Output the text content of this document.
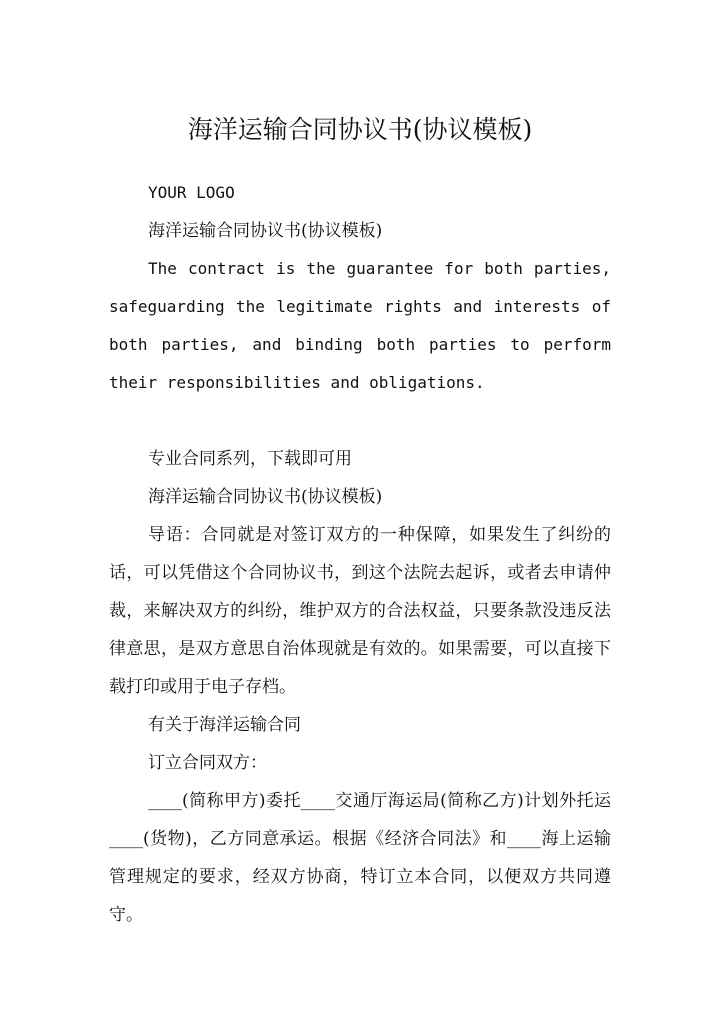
海洋运输合同协议书(协议模板)

YOUR LOGO

海洋运输合同协议书(协议模板)

The contract is the guarantee for both parties, safeguarding the legitimate rights and interests of both parties, and binding both parties to perform their responsibilities and obligations.

专业合同系列，下载即可用

海洋运输合同协议书(协议模板)

导语：合同就是对签订双方的一种保障，如果发生了纠纷的话，可以凭借这个合同协议书，到这个法院去起诉，或者去申请仲裁，来解决双方的纠纷，维护双方的合法权益，只要条款没违反法律意思，是双方意思自治体现就是有效的。如果需要，可以直接下载打印或用于电子存档。

有关于海洋运输合同

订立合同双方：

____(简称甲方)委托____交通厅海运局(简称乙方)计划外托运____(货物)，乙方同意承运。根据《经济合同法》和____海上运输管理规定的要求，经双方协商，特订立本合同，以便双方共同遵守。
